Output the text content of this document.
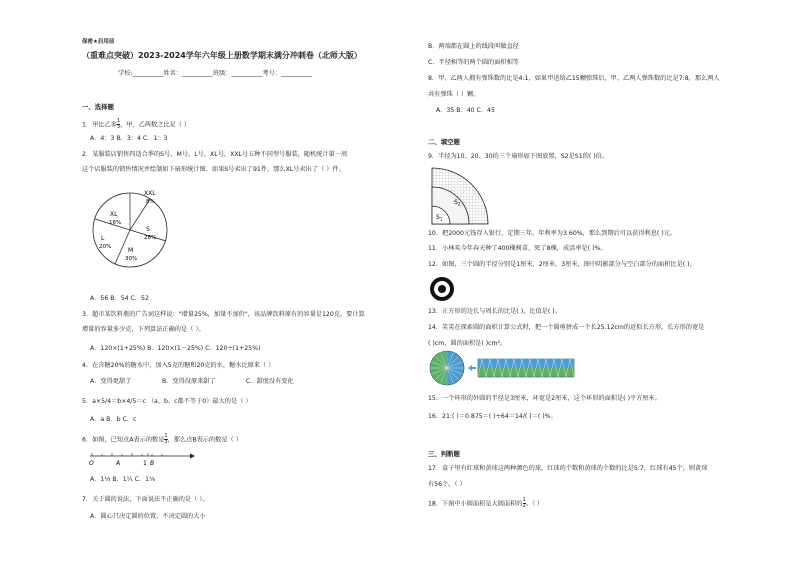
保密★启用前
（重难点突破）2023-2024学年六年级上册数学期末满分冲刺卷（北师大版）
学校:__________姓名：__________班级：__________考号：__________
一、选择题
1．甲比乙多 $\frac{1}{3}$ ，甲、乙两数之比是（ ）
A．4：3 B．3：4 C．1：3
2．某服装店销售四适合季的S号，M号，L号，XL号，XXL号五种不同型号服装，随机统计第一周
这个店服装的销售情况并绘制如下扇形统计图，如果S号卖出了91件，那么XL号卖出了（ ）件。
XXL
8%
XL
16%
S
26%
L
20%	M
30%
A．56 B．54 C．52
3．超市某饮料瓶的广告词这样说："增量25%，加量不加价"，该品牌饮料原有的容量是120克，要计算
增量的容量多少克，下列算法正确的是（ ）。
A．120×(1+25%) B．120×(1－25%) C．120÷(1+25%)
4．在含糖20%的糖水中，加入5克的糖和20克的水，糖水比原来（ ）
A．变得更甜了	B．变得没原来甜了	C．甜度没有变化
5．a×5/4＝b×4/5＝c （a、b、c都不等于0）最大的是（ ）
A．a B．b C．c
6．如图，已知点A表示的数是 $\frac{1}{3}$ ，那么点B表示的数是（ ）
O	A	1 B
A．1⅓ B．1¼ C．1⅙
7．关于圆的说法，下面说法不正确的是（ ）。
A．圆心只决定圆的位置，不决定圆的大小
B．两端都在圆上的线段叫做直径
C．半径相等的两个圆的面积相等
8．甲、乙两人拥有弹珠数的比是4:1，如果甲送给乙15颗弹珠后，甲、乙两人弹珠数的比是7:8，那么两人
共有弹珠（ ）颗。
A．35 B．40 C．45
二、填空题
9．半径为10、20、30的三个扇形如下图放置，S2是S1的( )倍。
$S_2$
$S_1$
10．把2000元钱存入银行，定期三年，年利率为3.60%，那么到期后可以获得利息( )元。
11．小林买今年春天种了400棵树苗，死了8棵，成活率是( )%。
12．如图，三个圆的半径分别是1厘米，2厘米，3厘米，图中阴影部分与空白部分的面积比是( )。
13．正方形的边长与周长的比是( )，比值是( )。
14．笑笑在探索圆的面积计算公式时，把一个圆剪拼成一个长25.12cm的近似长方形，长方形的宽是
( )cm，圆的面积是( )cm²。
15．一个环形的外圆的半径是3厘米，环宽是2厘米，这个环形的面积是( )平方厘米。
16．21:( )＝0.875＝( )÷64＝14/( )＝( )%。
三、判断题
17．盒子里有红球和黄球这两种颜色的球，红球的个数和黄球的个数的比是5:7，红球有45个，则黄球
有56个。（ ）
18．下图中小圆面积是大圆面积的 $\frac{1}{2}$ 。（ ）
